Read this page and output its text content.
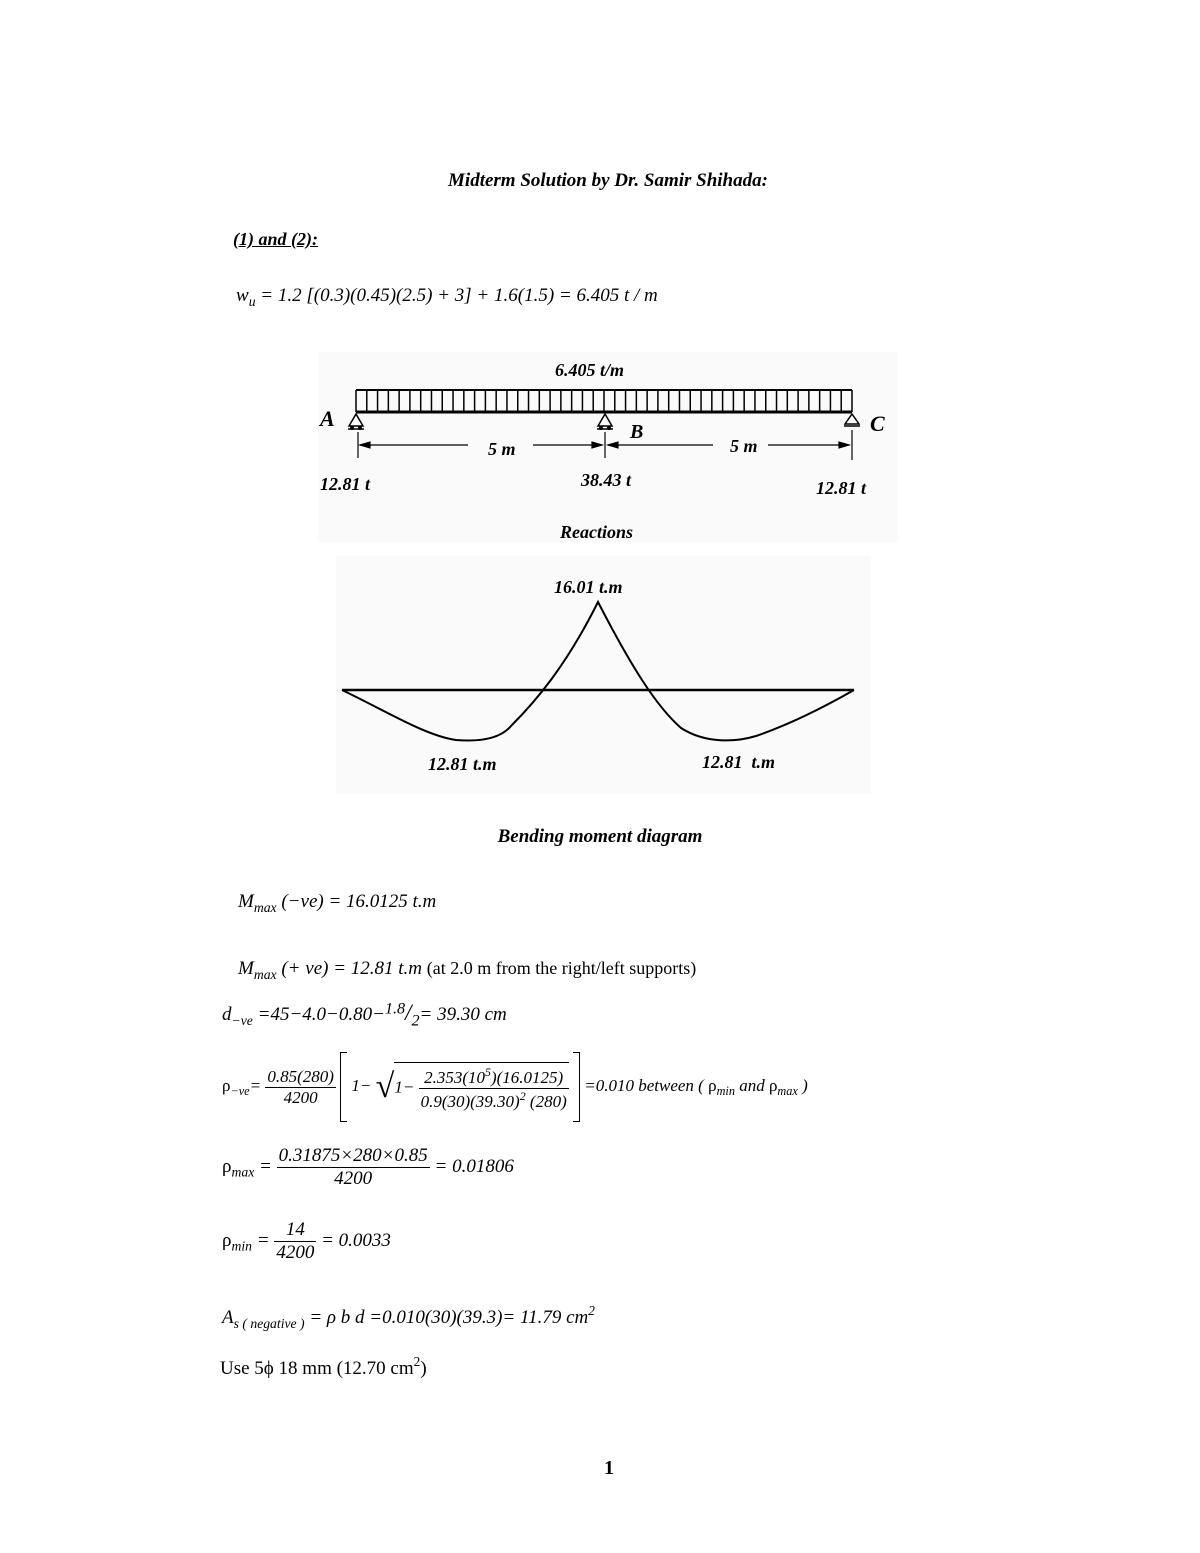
Midterm Solution by Dr. Samir Shihada:
(1) and (2):
$w_u = 1.2$ [(0.3)(0.45)(2.5) + 3] + 1.6(1.5) = 6.405 t / m
6.405 t/m
A
B	C
5 m	5 m
12.81 t	38.43 t	12.81 t
Reactions
16.01 t.m
12.81 t.m	12.81  t.m
Bending moment diagram
$M_{max}$ (−ve) = 16.0125 t.m
$M_{max}$ (+ ve) = 12.81 t.m (at 2.0 m from the right/left supports)
$d_{-ve} =45-4.0-0.80-^{1.8}/_2= 39.30$ cm
$\rho_{-ve}= \frac{0.85(280)}{4200} 1- √1- \frac{2.353(10^5)(16.0125)}{0.9(30)(39.30)^2 (280)} =0.010$ between ( $\rho_{min}$ and $\rho_{max}$ )
$\rho_{max} = \frac{0.31875\times 280\times 0.85}{4200} = 0.01806$
$\rho_{min} = \frac{14}{4200} = 0.0033$
$A_{s ( negative )} = \rho$ b d =0.010(30)(39.3)= 11.79 $cm^2$
Use 5ϕ 18 mm (12.70 $cm^2$)
1
